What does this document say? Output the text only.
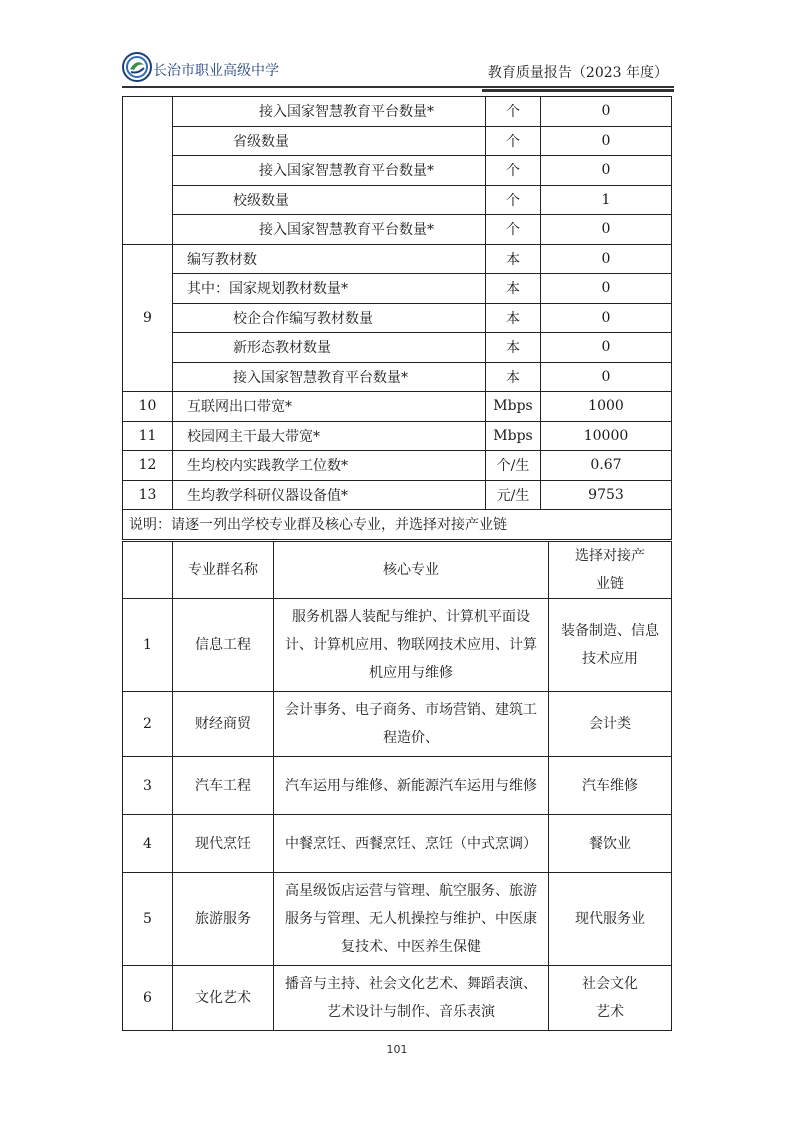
长治市职业高级中学	教育质量报告（2023 年度）
	接入国家智慧教育平台数量*	个	0
	省级数量	个	0
	接入国家智慧教育平台数量*	个	0
	校级数量	个	1
	接入国家智慧教育平台数量*	个	0
9	编写教材数	本	0
	其中：国家规划教材数量*	本	0
	校企合作编写教材数量	本	0
	新形态教材数量	本	0
	接入国家智慧教育平台数量*	本	0
10	互联网出口带宽*	Mbps	1000
11	校园网主干最大带宽*	Mbps	10000
12	生均校内实践教学工位数*	个/生	0.67
13	生均教学科研仪器设备值*	元/生	9753
说明：请逐一列出学校专业群及核心专业，并选择对接产业链			
	专业群名称	核心专业	选择对接产业链
1	信息工程	服务机器人装配与维护、计算机平面设计、计算机应用、物联网技术应用、计算机应用与维修	装备制造、信息技术应用
2	财经商贸	会计事务、电子商务、市场营销、建筑工程造价、	会计类
3	汽车工程	汽车运用与维修、新能源汽车运用与维修	汽车维修
4	现代烹饪	中餐烹饪、西餐烹饪、烹饪（中式烹调）	餐饮业
5	旅游服务	高星级饭店运营与管理、航空服务、旅游服务与管理、无人机操控与维护、中医康复技术、中医养生保健	现代服务业
6	文化艺术	播音与主持、社会文化艺术、舞蹈表演、艺术设计与制作、音乐表演	社会文化艺术
101
